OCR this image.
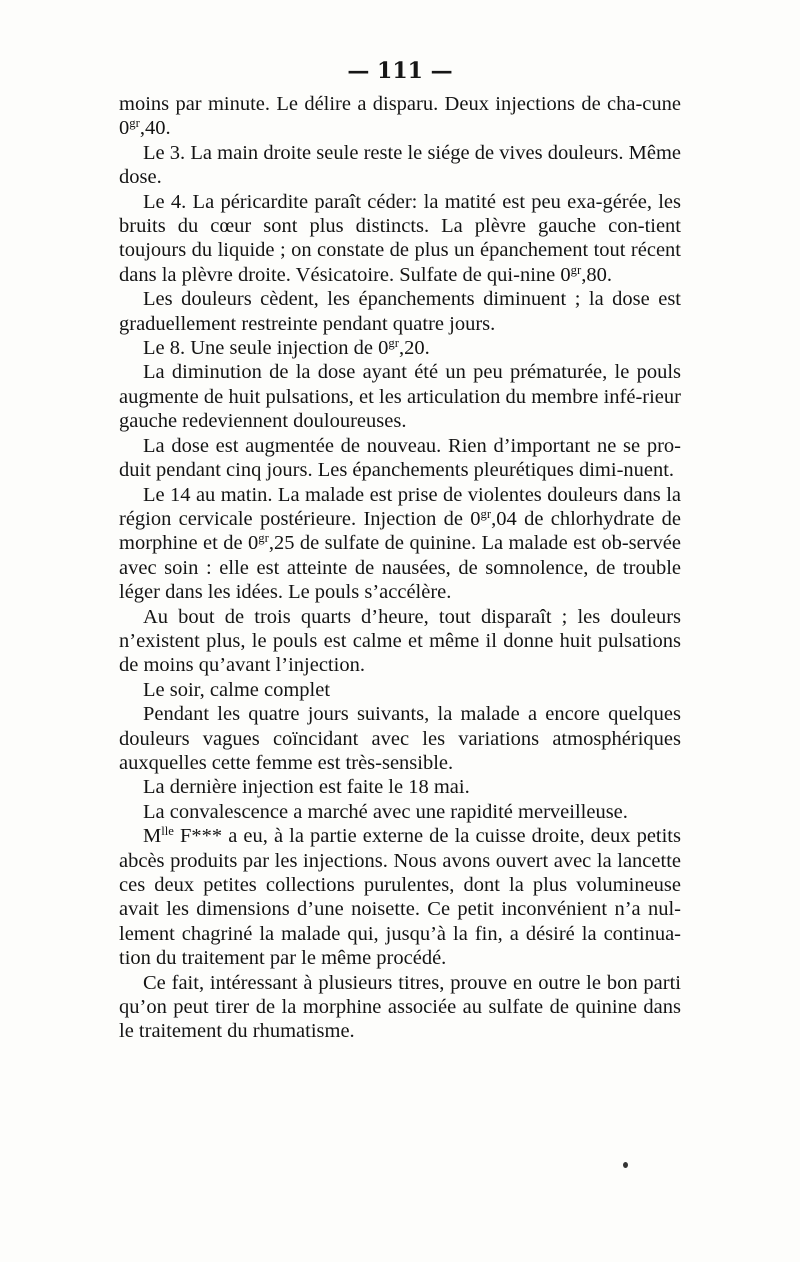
— 111 —

moins par minute. Le délire a disparu. Deux injections de cha-cune $0^{gr},40$.

Le 3. La main droite seule reste le siége de vives douleurs. Même dose.

Le 4. La péricardite paraît céder: la matité est peu exa-gérée, les bruits du cœur sont plus distincts. La plèvre gauche con-tient toujours du liquide ; on constate de plus un épanchement tout récent dans la plèvre droite. Vésicatoire. Sulfate de qui-nine $0^{gr},80$.

Les douleurs cèdent, les épanchements diminuent ; la dose est graduellement restreinte pendant quatre jours.

Le 8. Une seule injection de $0^{gr},20$.

La diminution de la dose ayant été un peu prématurée, le pouls augmente de huit pulsations, et les articulation du membre infé-rieur gauche redeviennent douloureuses.

La dose est augmentée de nouveau. Rien d’important ne se pro-duit pendant cinq jours. Les épanchements pleurétiques dimi-nuent.

Le 14 au matin. La malade est prise de violentes douleurs dans la région cervicale postérieure. Injection de $0^{gr},04$ de chlorhydrate de morphine et de $0^{gr},25$ de sulfate de quinine. La malade est ob-servée avec soin : elle est atteinte de nausées, de somnolence, de trouble léger dans les idées. Le pouls s’accélère.

Au bout de trois quarts d’heure, tout disparaît ; les douleurs n’existent plus, le pouls est calme et même il donne huit pulsations de moins qu’avant l’injection.

Le soir, calme complet

Pendant les quatre jours suivants, la malade a encore quelques douleurs vagues coïncidant avec les variations atmosphériques auxquelles cette femme est très-sensible.

La dernière injection est faite le 18 mai.

La convalescence a marché avec une rapidité merveilleuse.

$M^{lle}$ F*** a eu, à la partie externe de la cuisse droite, deux petits abcès produits par les injections. Nous avons ouvert avec la lancette ces deux petites collections purulentes, dont la plus volumineuse avait les dimensions d’une noisette. Ce petit inconvénient n’a nul-lement chagriné la malade qui, jusqu’à la fin, a désiré la continua-tion du traitement par le même procédé.

Ce fait, intéressant à plusieurs titres, prouve en outre le bon parti qu’on peut tirer de la morphine associée au sulfate de quinine dans le traitement du rhumatisme.
